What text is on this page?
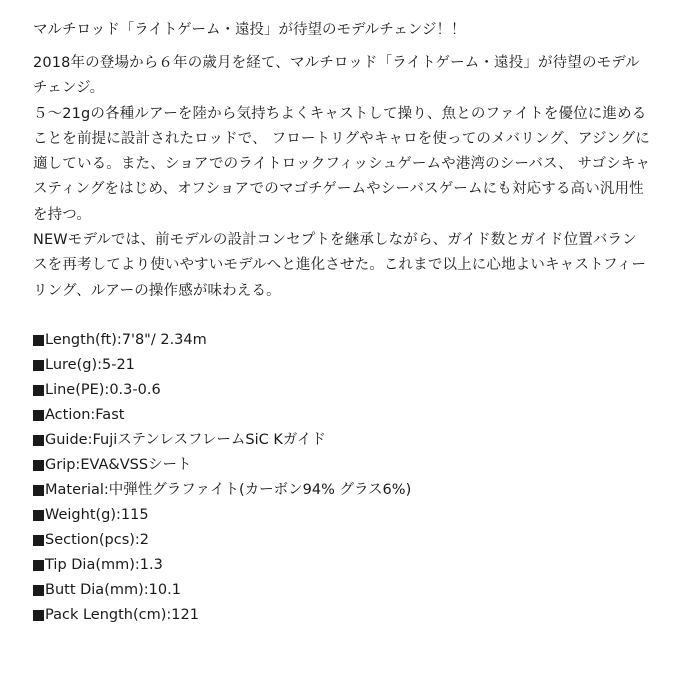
マルチロッド「ライトゲーム・遠投」が待望のモデルチェンジ！！

2018年の登場から６年の歳月を経て、マルチロッド「ライトゲーム・遠投」が待望のモデル
チェンジ。
５～21gの各種ルアーを陸から気持ちよくキャストして操り、魚とのファイトを優位に進める
ことを前提に設計されたロッドで、 フロートリグやキャロを使ってのメバリング、アジングに
適している。また、ショアでのライトロックフィッシュゲームや港湾のシーバス、 サゴシキャ
スティングをはじめ、オフショアでのマゴチゲームやシーバスゲームにも対応する高い汎用性
を持つ。
NEWモデルでは、前モデルの設計コンセプトを継承しながら、ガイド数とガイド位置バラン
スを再考してより使いやすいモデルへと進化させた。これまで以上に心地よいキャストフィー
リング、ルアーの操作感が味わえる。
Length(ft):7'8"/ 2.34m
Lure(g):5-21
Line(PE):0.3-0.6
Action:Fast
Guide:FujiステンレスフレームSiC Kガイド
Grip:EVA&VSSシート
Material:中弾性グラファイト(カーボン94% グラス6%)
Weight(g):115
Section(pcs):2
Tip Dia(mm):1.3
Butt Dia(mm):10.1
Pack Length(cm):121
